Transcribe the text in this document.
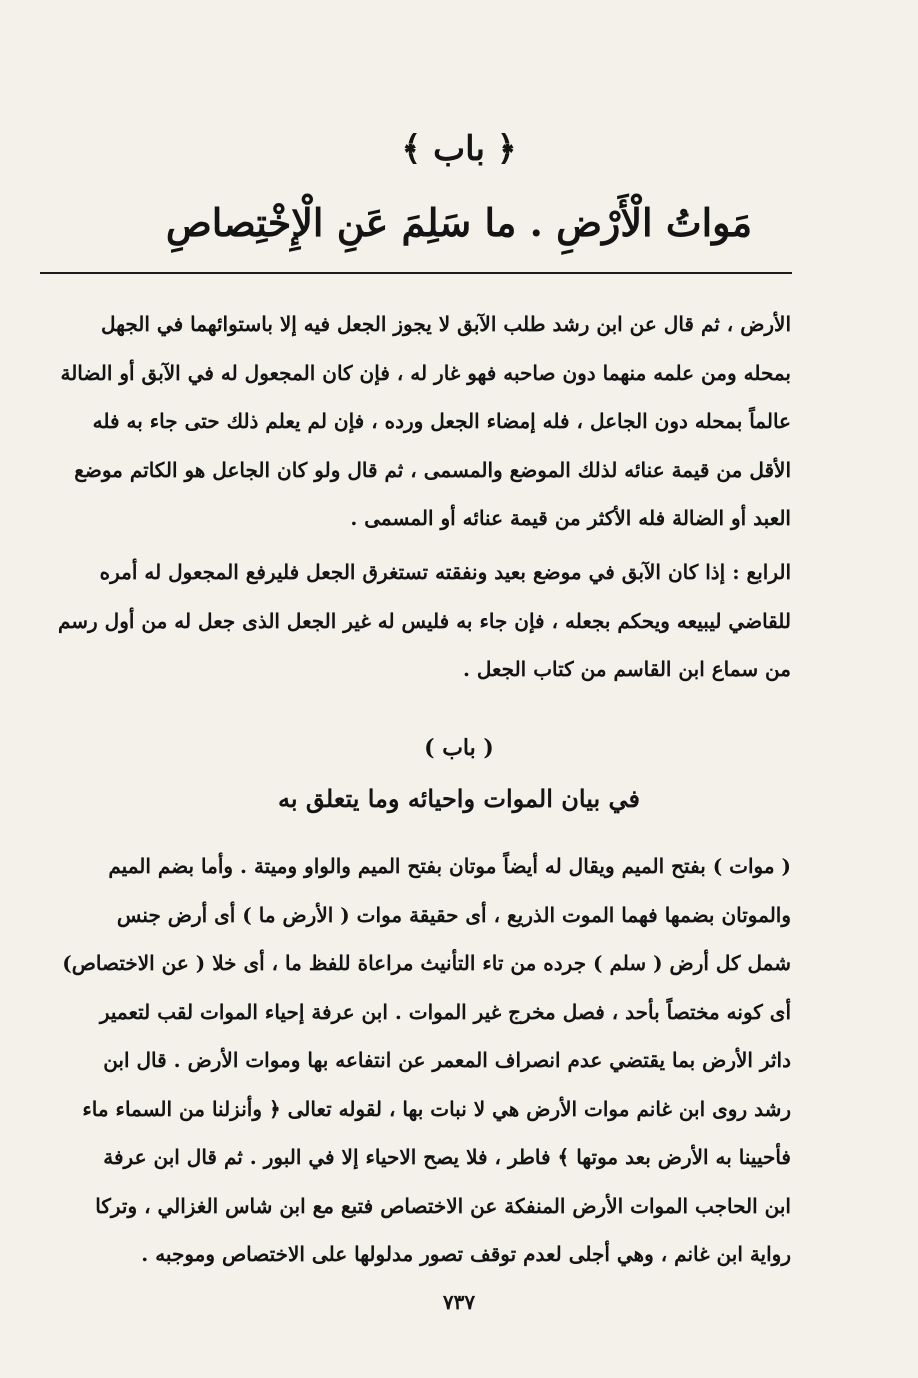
﴿ باب ﴾
مَواتُ الْأَرْضِ . ما سَلِمَ عَنِ الْإِخْتِصاصِ

الأرض ، ثم قال عن ابن رشد طلب الآبق لا يجوز الجعل فيه إلا باستوائهما في الجهل
بمحله ومن علمه منهما دون صاحبه فهو غار له ، فإن كان المجعول له في الآبق أو الضالة
عالماً بمحله دون الجاعل ، فله إمضاء الجعل ورده ، فإن لم يعلم ذلك حتى جاء به فله
الأقل من قيمة عنائه لذلك الموضع والمسمى ، ثم قال ولو كان الجاعل هو الكاتم موضع
العبد أو الضالة فله الأكثر من قيمة عنائه أو المسمى .

الرابع : إذا كان الآبق في موضع بعيد ونفقته تستغرق الجعل فليرفع المجعول له أمره
للقاضي ليبيعه ويحكم بجعله ، فإن جاء به فليس له غير الجعل الذى جعل له من أول رسم
من سماع ابن القاسم من كتاب الجعل .

( باب )
في بيان الموات واحيائه وما يتعلق به

( موات ) بفتح الميم ويقال له أيضاً موتان بفتح الميم والواو وميتة . وأما بضم الميم
والموتان بضمها فهما الموت الذريع ، أى حقيقة موات ( الأرض ما ) أى أرض جنس
شمل كل أرض ( سلم ) جرده من تاء التأنيث مراعاة للفظ ما ، أى خلا ( عن الاختصاص)
أى كونه مختصاً بأحد ، فصل مخرج غير الموات . ابن عرفة إحياء الموات لقب لتعمير
داثر الأرض بما يقتضي عدم انصراف المعمر عن انتفاعه بها وموات الأرض . قال ابن
رشد روى ابن غانم موات الأرض هي لا نبات بها ، لقوله تعالى ﴿ وأنزلنا من السماء ماء
فأحيينا به الأرض بعد موتها ﴾ فاطر ، فلا يصح الاحياء إلا في البور . ثم قال ابن عرفة
ابن الحاجب الموات الأرض المنفكة عن الاختصاص فتبع مع ابن شاس الغزالي ، وتركا
رواية ابن غانم ، وهي أجلى لعدم توقف تصور مدلولها على الاختصاص وموجبه .

٧٣٧
